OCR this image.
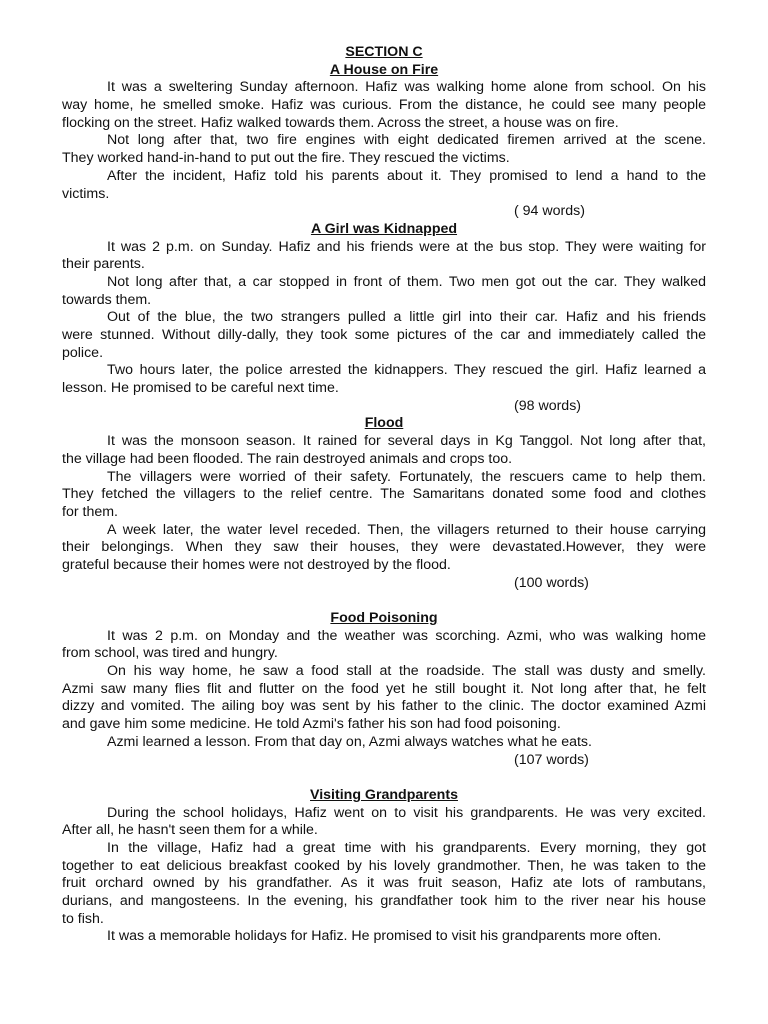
SECTION C
A House on Fire
It was a sweltering Sunday afternoon. Hafiz was walking home alone from school. On his
way home, he smelled smoke. Hafiz was curious. From the distance, he could see many people
flocking on the street. Hafiz walked towards them. Across the street, a house was on fire.
Not long after that, two fire engines with eight dedicated firemen arrived at the scene.
They worked hand-in-hand to put out the fire. They rescued the victims.
After the incident, Hafiz told his parents about it. They promised to lend a hand to the
victims.
( 94 words)
A Girl was Kidnapped
It was 2 p.m. on Sunday. Hafiz and his friends were at the bus stop. They were waiting for
their parents.
Not long after that, a car stopped in front of them. Two men got out the car. They walked
towards them.
Out of the blue, the two strangers pulled a little girl into their car. Hafiz and his friends
were stunned. Without dilly-dally, they took some pictures of the car and immediately called the
police.
Two hours later, the police arrested the kidnappers. They rescued the girl. Hafiz learned a
lesson. He promised to be careful next time.
(98 words)
Flood
It was the monsoon season. It rained for several days in Kg Tanggol. Not long after that,
the village had been flooded. The rain destroyed animals and crops too.
The villagers were worried of their safety. Fortunately, the rescuers came to help them.
They fetched the villagers to the relief centre. The Samaritans donated some food and clothes
for them.
A week later, the water level receded. Then, the villagers returned to their house carrying
their belongings. When they saw their houses, they were devastated.However, they were
grateful because their homes were not destroyed by the flood.
(100 words)
Food Poisoning
It was 2 p.m. on Monday and the weather was scorching. Azmi, who was walking home
from school, was tired and hungry.
On his way home, he saw a food stall at the roadside. The stall was dusty and smelly.
Azmi saw many flies flit and flutter on the food yet he still bought it. Not long after that, he felt
dizzy and vomited. The ailing boy was sent by his father to the clinic. The doctor examined Azmi
and gave him some medicine. He told Azmi's father his son had food poisoning.
Azmi learned a lesson. From that day on, Azmi always watches what he eats.
(107 words)
Visiting Grandparents
During the school holidays, Hafiz went on to visit his grandparents. He was very excited.
After all, he hasn't seen them for a while.
In the village, Hafiz had a great time with his grandparents. Every morning, they got
together to eat delicious breakfast cooked by his lovely grandmother. Then, he was taken to the
fruit orchard owned by his grandfather. As it was fruit season, Hafiz ate lots of rambutans,
durians, and mangosteens. In the evening, his grandfather took him to the river near his house
to fish.
It was a memorable holidays for Hafiz. He promised to visit his grandparents more often.
